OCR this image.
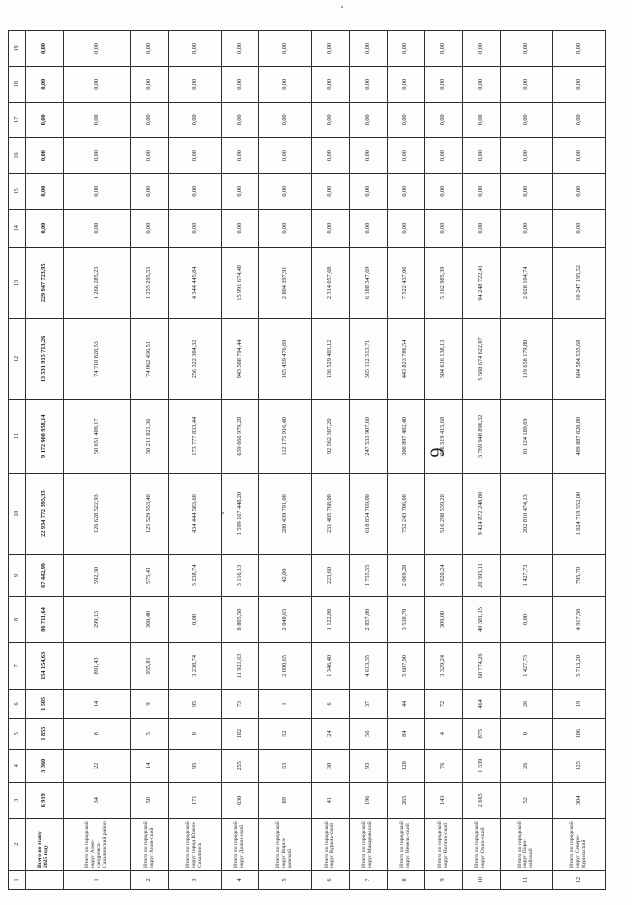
6
1	2	3	4	5	6	7	8	9	10	11	12	13	14	15	16	17	18	19
	Всего по этапу 2025 году	6 919	3 360	1 855	1 505	154 154,63	86 711,64	67 442,99	22 934 772 395,35	9 172 908 958,14	13 531 915 713,26	229 947 723,95	0,00	0,00	0,00	0,00	0,00	0,00
1	Итого по городской округ Алек-сандровск-Сахалинский район	34	22	8	14	891,43	299,13	592,30	126 628 522,93	50 651 409,17	74 710 828,53	1 266 285,23	0,00	0,00	0,00	0,00	0,00	0,00
2	Итого по городской округ Анив-ский	50	14	5	9	935,81	360,40	575,41	125 529 553,40	50 211 821,36	74 062 436,51	1 255 295,53	0,00	0,00	0,00	0,00	0,00	0,00
3	Итого по городской округ город Южно-Сахалинск	171	95	0	95	3 238,74	0,00	3 238,74	434 444 583,60	173 777 833,44	256 322 304,32	4 344 445,84	0,00	0,00	0,00	0,00	0,00	0,00
4	Итого по городской округ Долин-ский	630	255	182	73	11 921,63	8 805,50	3 116,13	1 599 167 448,20	639 666 979,28	943 508 794,44	15 991 674,48	0,00	0,00	0,00	0,00	0,00	0,00
5	Итого по городской округ Корса-ковский	89	53	52	1	2 090,65	2 048,65	42,00	280 439 791,00	112 175 916,40	165 459 476,69	2 804 397,91	0,00	0,00	0,00	0,00	0,00	0,00
6	Итого по городской округ Куриль-ский	41	30	24	6	1 346,40	1 122,80	223,60	231 405 768,00	92 562 307,20	136 529 403,12	2 314 057,68	0,00	0,00	0,00	0,00	0,00	0,00
7	Итого по городской округ Макаровский	196	93	56	37	4 613,35	2 857,80	1 755,55	618 834 769,00	247 533 907,60	365 112 513,71	6 188 347,69	0,00	0,00	0,00	0,00	0,00	0,00
8	Итого по городской округ Невель-ский	265	128	84	44	5 607,90	3 538,70	2 069,20	752 243 706,00	300 897 482,40	443 823 786,54	7 522 437,06	0,00	0,00	0,00	0,00	0,00	0,00
9	Итого по городской округ Ноглик-ский	143	76	4	72	3 329,24	309,00	3 020,24	516 298 539,20	206 519 415,68	304 616 138,13	5 162 985,39	0,00	0,00	0,00	0,00	0,00	0,00
10	Итого по городской округ Охин-ский	2 665	1 339	875	464	60 774,26	40 381,15	20 393,11	9 424 872 240,80	3 769 948 896,32	5 560 674 622,07	94 248 722,41	0,00	0,00	0,00	0,00	0,00	0,00
11	Итого по городской округ Поро-найский	52	26	0	26	1 427,73	0,00	1 427,73	202 810 474,23	81 124 189,69	119 658 179,80	2 028 104,74	0,00	0,00	0,00	0,00	0,00	0,00
12	Итого по городской округ Северо-Курильский	304	125	106	19	5 713,20	4 917,50	795,70	1 024 719 552,00	409 887 820,80	604 584 535,68	10 247 195,52	0,00	0,00	0,00	0,00	0,00	0,00
